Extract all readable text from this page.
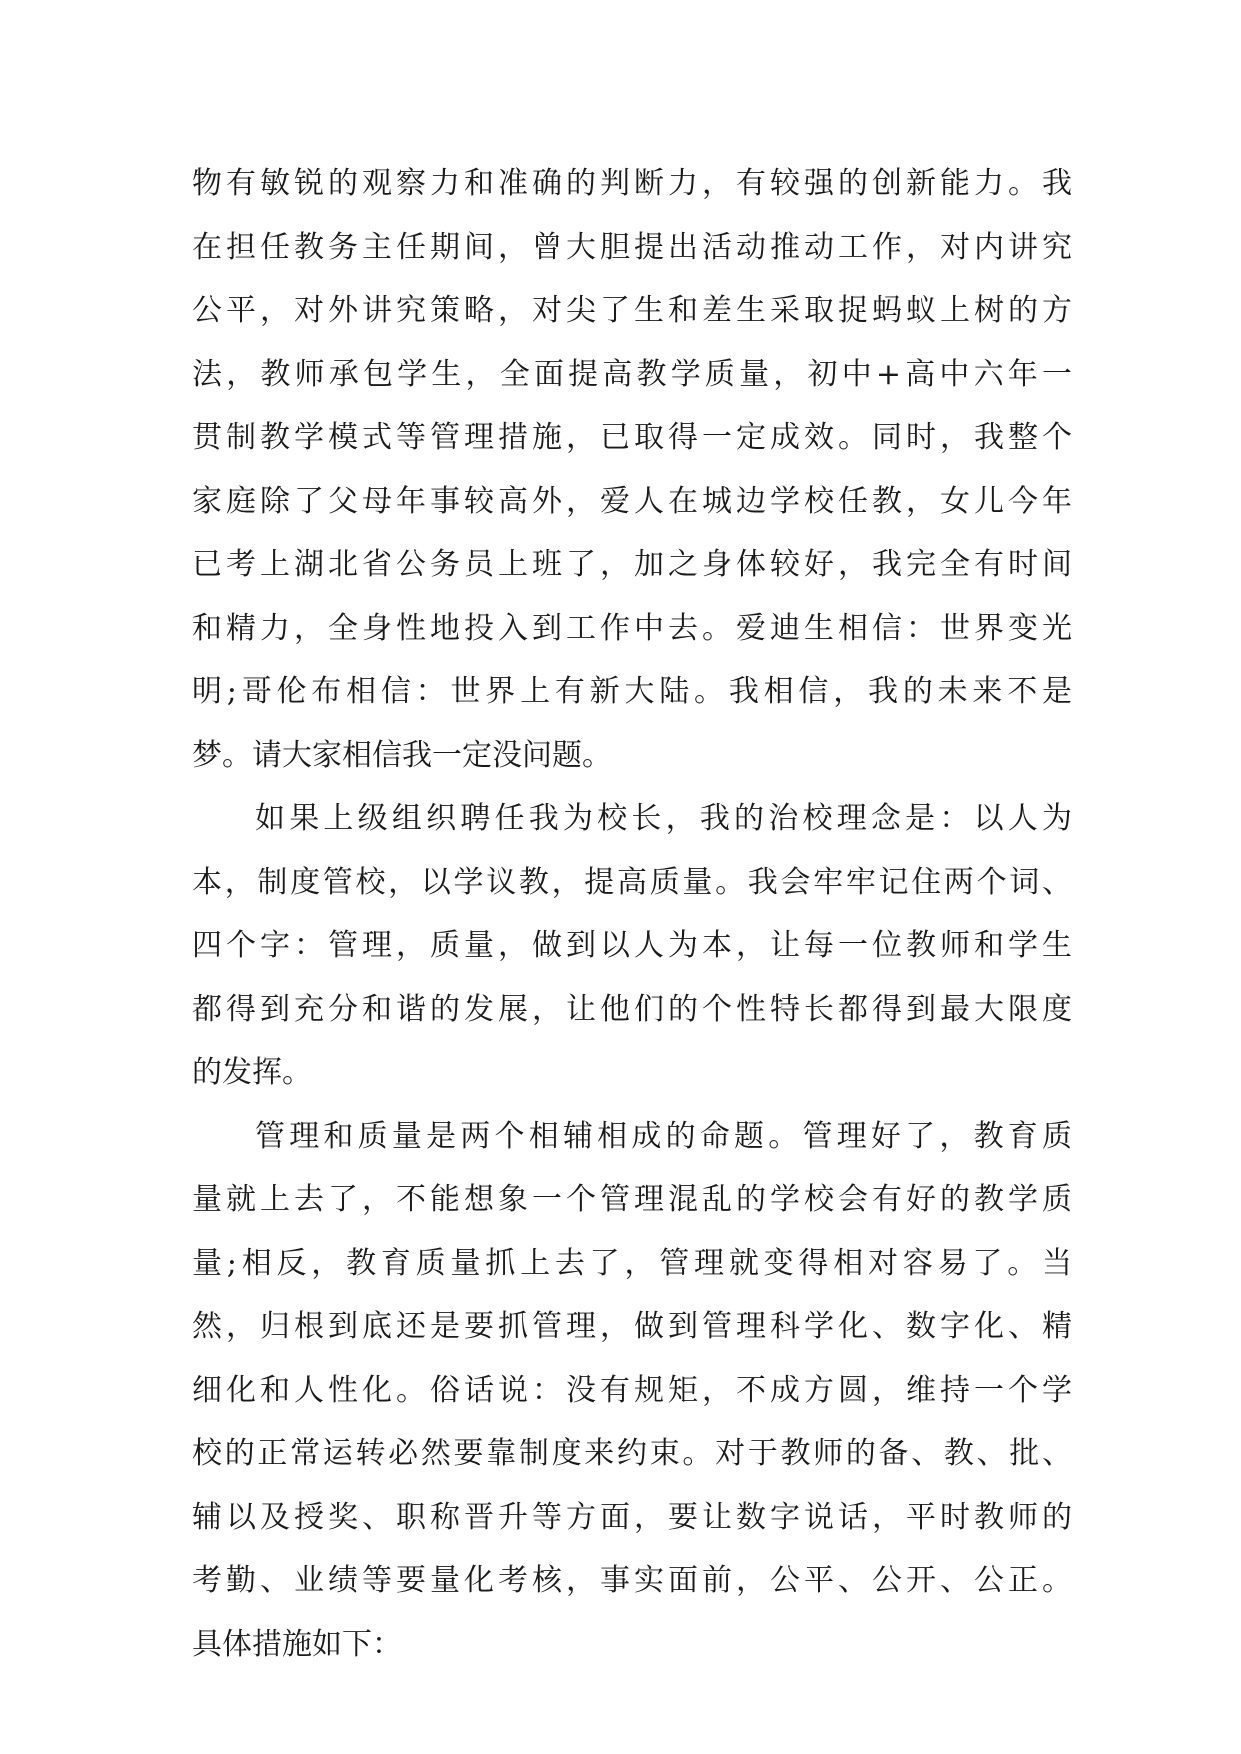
物有敏锐的观察力和准确的判断力，有较强的创新能力。我
在担任教务主任期间，曾大胆提出活动推动工作，对内讲究
公平，对外讲究策略，对尖了生和差生采取捉蚂蚁上树的方
法，教师承包学生，全面提高教学质量，初中+高中六年一
贯制教学模式等管理措施，已取得一定成效。同时，我整个
家庭除了父母年事较高外，爱人在城边学校任教，女儿今年
已考上湖北省公务员上班了，加之身体较好，我完全有时间
和精力，全身性地投入到工作中去。爱迪生相信：世界变光
明;哥伦布相信：世界上有新大陆。我相信，我的未来不是
梦。请大家相信我一定没问题。
如果上级组织聘任我为校长，我的治校理念是：以人为
本，制度管校，以学议教，提高质量。我会牢牢记住两个词、
四个字：管理，质量，做到以人为本，让每一位教师和学生
都得到充分和谐的发展，让他们的个性特长都得到最大限度
的发挥。
管理和质量是两个相辅相成的命题。管理好了，教育质
量就上去了，不能想象一个管理混乱的学校会有好的教学质
量;相反，教育质量抓上去了，管理就变得相对容易了。当
然，归根到底还是要抓管理，做到管理科学化、数字化、精
细化和人性化。俗话说：没有规矩，不成方圆，维持一个学
校的正常运转必然要靠制度来约束。对于教师的备、教、批、
辅以及授奖、职称晋升等方面，要让数字说话，平时教师的
考勤、业绩等要量化考核，事实面前，公平、公开、公正。
具体措施如下：
